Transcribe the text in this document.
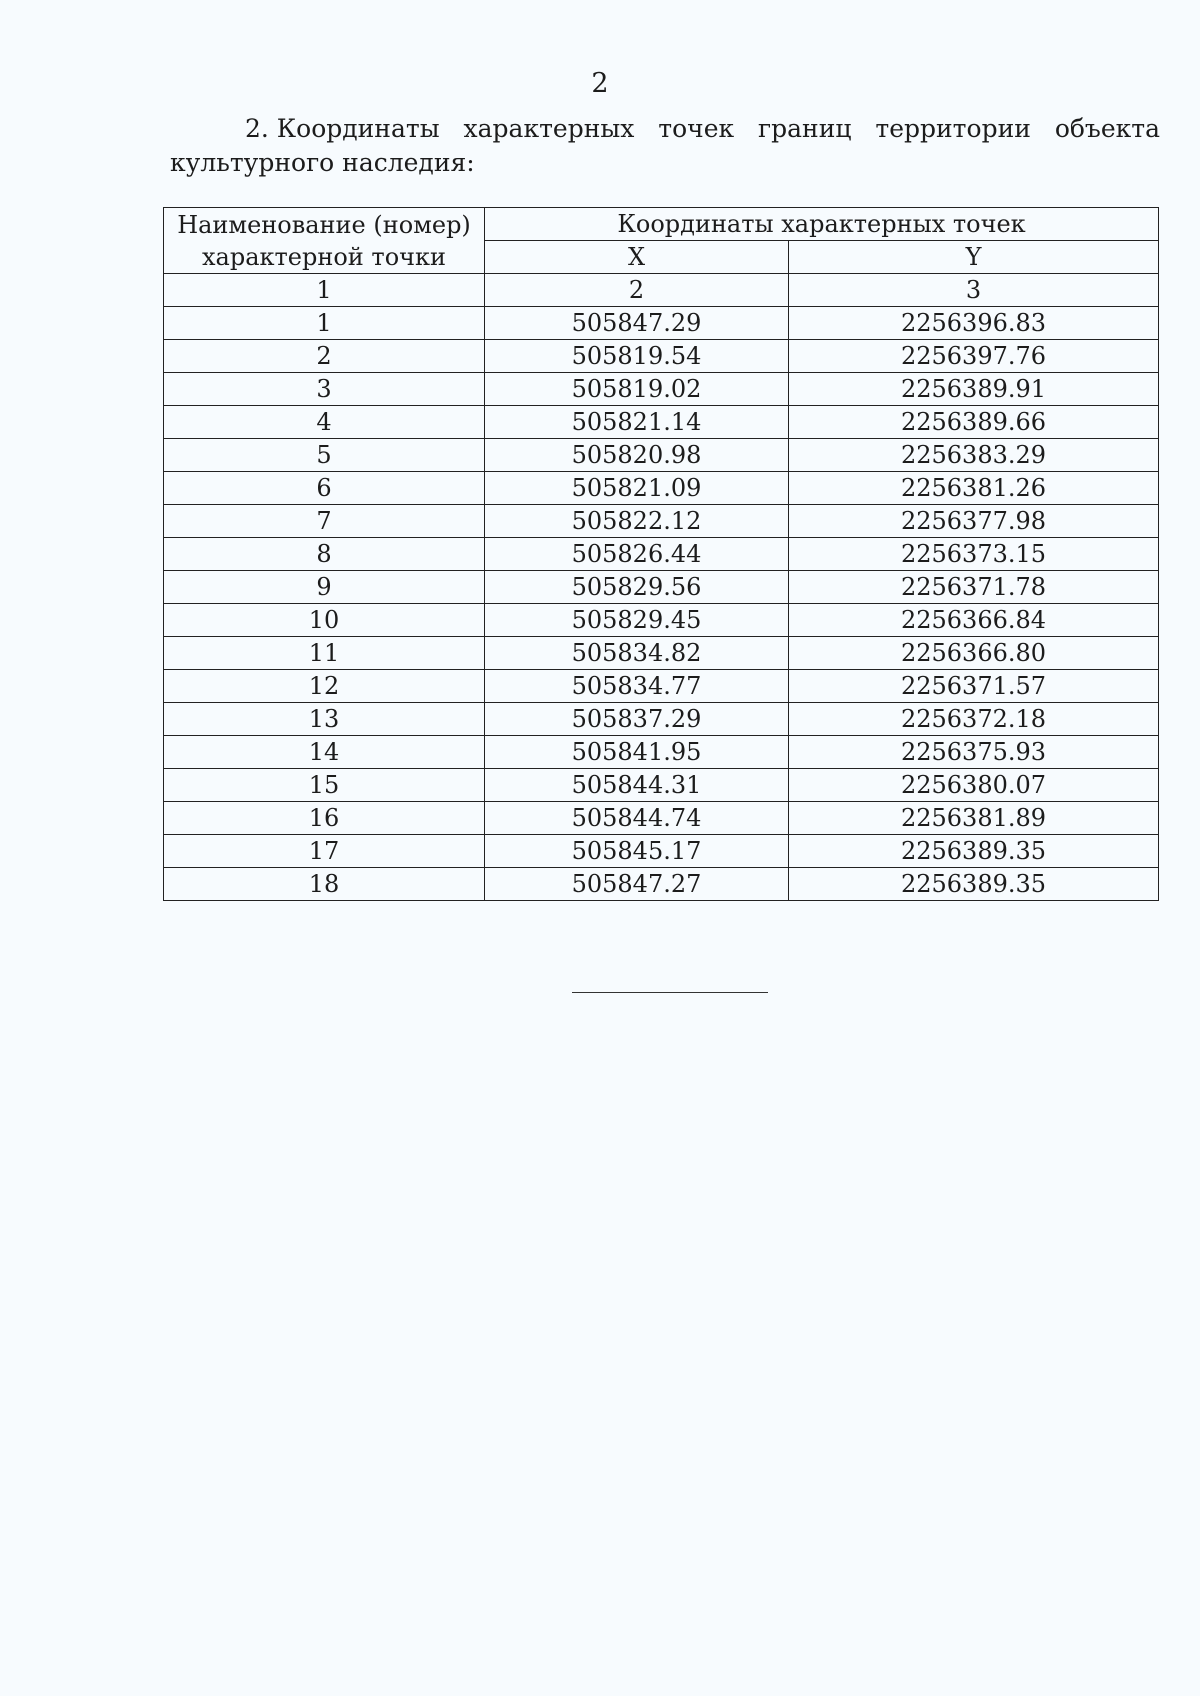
2
2. Координаты характерных точек границ территории объекта
культурного наследия:
Наименование (номер)
характерной точки	Координаты характерных точек	
	X	Y
1	2	3
1	505847.29	2256396.83
2	505819.54	2256397.76
3	505819.02	2256389.91
4	505821.14	2256389.66
5	505820.98	2256383.29
6	505821.09	2256381.26
7	505822.12	2256377.98
8	505826.44	2256373.15
9	505829.56	2256371.78
10	505829.45	2256366.84
11	505834.82	2256366.80
12	505834.77	2256371.57
13	505837.29	2256372.18
14	505841.95	2256375.93
15	505844.31	2256380.07
16	505844.74	2256381.89
17	505845.17	2256389.35
18	505847.27	2256389.35
